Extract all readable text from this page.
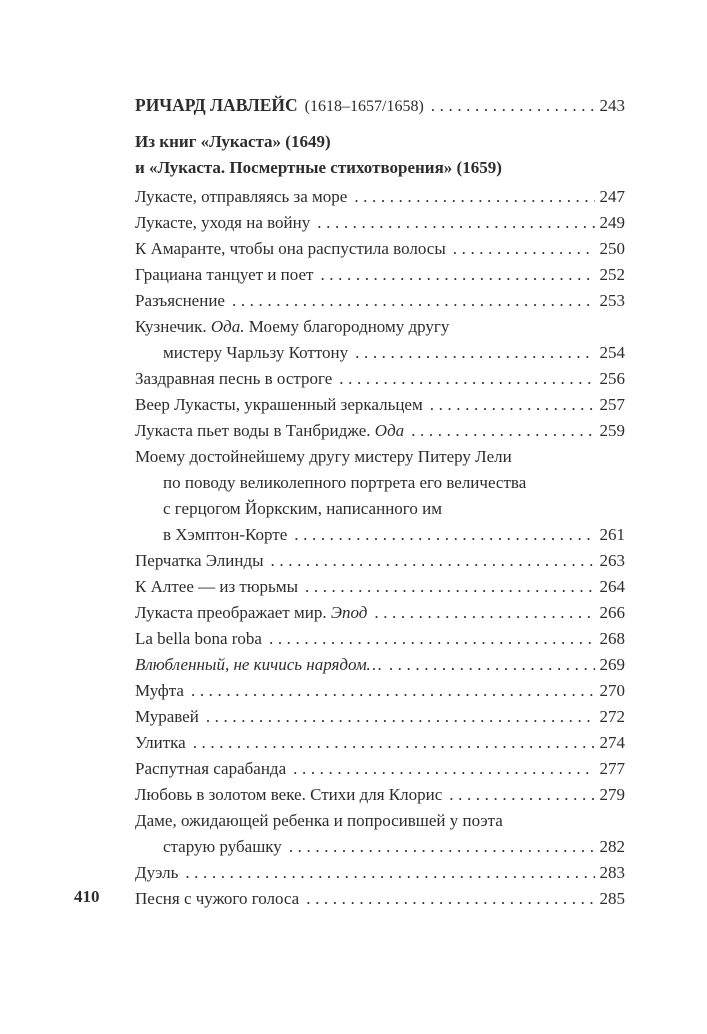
РИЧАРД ЛАВЛЕЙС (1618–1657/1658) .....	243
Из книг «Лукаста» (1649)
и «Лукаста. Посмертные стихотворения» (1659)
Лукасте, отправляясь за море .....	247
Лукасте, уходя на войну .....	249
К Амаранте, чтобы она распустила волосы .....	250
Грациана танцует и поет .....	252
Разъяснение .....	253
Кузнечик. Ода. Моему благородному другу
мистеру Чарльзу Коттону .....	254
Заздравная песнь в остроге .....	256
Веер Лукасты, украшенный зеркальцем .....	257
Лукаста пьет воды в Танбридже. Ода .....	259
Моему достойнейшему другу мистеру Питеру Лели
по поводу великолепного портрета его величества
с герцогом Йоркским, написанного им
в Хэмптон-Корте .....	261
Перчатка Элинды .....	263
К Алтее — из тюрьмы .....	264
Лукаста преображает мир. Эпод .....	266
La bella bona roba .....	268
Влюбленный, не кичись нарядом… .....	269
Муфта .....	270
Муравей .....	272
Улитка .....	274
Распутная сарабанда .....	277
Любовь в золотом веке. Стихи для Клорис .....	279
Даме, ожидающей ребенка и попросившей у поэта
старую рубашку .....	282
Дуэль .....	283
Песня с чужого голоса .....	285
410
